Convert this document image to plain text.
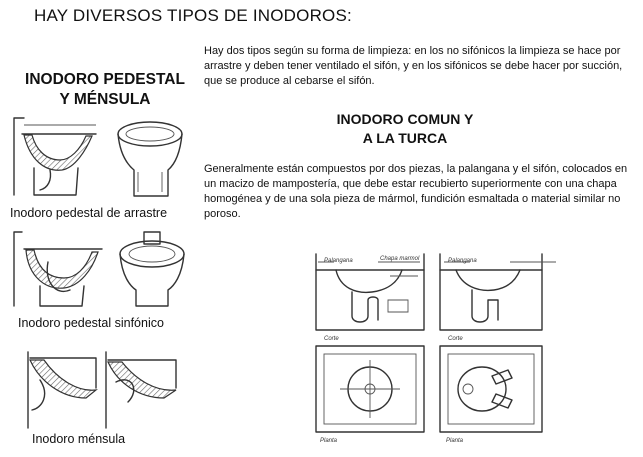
HAY DIVERSOS TIPOS DE INODOROS:
INODORO PEDESTAL
Y MÉNSULA
Palangana	Chapa marmol	Palangana
Corte	Corte
Planta	Planta
Inodoro pedestal de arrastre
Inodoro pedestal sinfónico
Inodoro ménsula
Hay dos tipos según su forma de limpieza: en los no sifónicos la limpieza se hace por arrastre y deben tener ventilado el sifón, y en los sifónicos se debe hacer por succión, que se produce al cebarse el sifón.
INODORO COMUN Y
A LA TURCA
Generalmente están compuestos por dos piezas, la palangana y el sifón, colocados en un macizo de mampostería, que debe estar recubierto superiormente con una chapa homogénea y de una sola pieza de mármol, fundición esmaltada o material similar no poroso.
